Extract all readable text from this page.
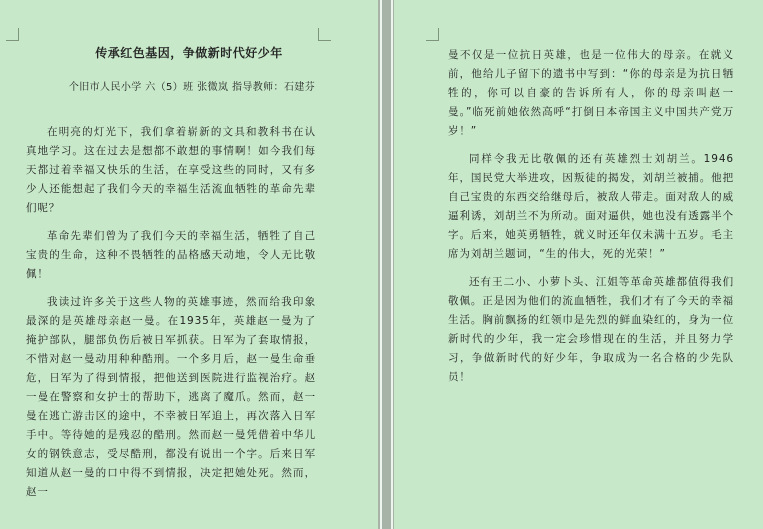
传承红色基因，争做新时代好少年
个旧市人民小学 六（5）班 张微岚 指导教师：石建芬

在明亮的灯光下，我们拿着崭新的文具和教科书在认真地学习。这在过去是想都不敢想的事情啊！如今我们每天都过着幸福又快乐的生活，在享受这些的同时，又有多少人还能想起了我们今天的幸福生活流血牺牲的革命先辈们呢？

革命先辈们曾为了我们今天的幸福生活，牺牲了自己宝贵的生命，这种不畏牺牲的品格感天动地，令人无比敬佩！

我读过许多关于这些人物的英雄事迹，然而给我印象最深的是英雄母亲赵一曼。在1935年，英雄赵一曼为了掩护部队，腿部负伤后被日军抓获。日军为了套取情报，不惜对赵一曼动用种种酷刑。一个多月后，赵一曼生命垂危，日军为了得到情报，把他送到医院进行监视治疗。赵一曼在警察和女护士的帮助下，逃离了魔爪。然而，赵一曼在逃亡游击区的途中，不幸被日军追上，再次落入日军手中。等待她的是残忍的酷刑。然而赵一曼凭借着中华儿女的钢铁意志，受尽酷刑，都没有说出一个字。后来日军知道从赵一曼的口中得不到情报，决定把她处死。然而，赵一

曼不仅是一位抗日英雄，也是一位伟大的母亲。在就义前，他给儿子留下的遗书中写到：“你的母亲是为抗日牺牲的，你可以自豪的告诉所有人，你的母亲叫赵一曼。”临死前她依然高呼“打倒日本帝国主义中国共产党万岁！”

同样令我无比敬佩的还有英雄烈士刘胡兰。1946年，国民党大举进攻，因叛徒的揭发，刘胡兰被捕。他把自己宝贵的东西交给继母后，被敌人带走。面对敌人的威逼利诱，刘胡兰不为所动。面对逼供，她也没有透露半个字。后来，她英勇牺牲，就义时还年仅未满十五岁。毛主席为刘胡兰题词，“生的伟大，死的光荣！”

还有王二小、小萝卜头、江姐等革命英雄都值得我们敬佩。正是因为他们的流血牺牲，我们才有了今天的幸福生活。胸前飘扬的红领巾是先烈的鲜血染红的，身为一位新时代的少年，我一定会珍惜现在的生活，并且努力学习，争做新时代的好少年，争取成为一名合格的少先队员！
